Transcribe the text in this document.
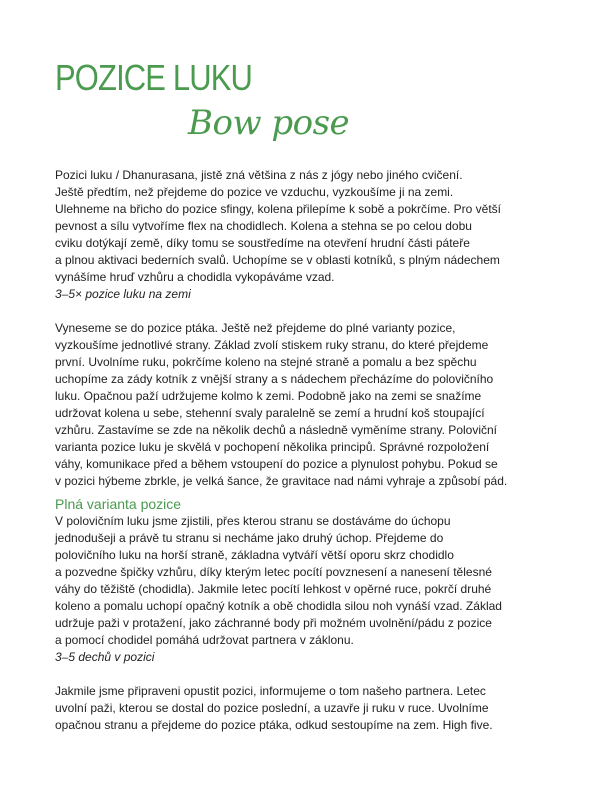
POZICE LUKU
Bow pose
Pozici luku / Dhanurasana, jistě zná většina z nás z jógy nebo jiného cvičení.
Ještě předtím, než přejdeme do pozice ve vzduchu, vyzkoušíme ji na zemi.
Ulehneme na břicho do pozice sfingy, kolena přilepíme k sobě a pokrčíme. Pro větší
pevnost a sílu vytvoříme flex na chodidlech. Kolena a stehna se po celou dobu
cviku dotýkají země, díky tomu se soustředíme na otevření hrudní části páteře
a plnou aktivaci bederních svalů. Uchopíme se v oblasti kotníků, s plným nádechem
vynášíme hruď vzhůru a chodidla vykopáváme vzad.
3–5× pozice luku na zemi
Vyneseme se do pozice ptáka. Ještě než přejdeme do plné varianty pozice,
vyzkoušíme jednotlivé strany. Základ zvolí stiskem ruky stranu, do které přejdeme
první. Uvolníme ruku, pokrčíme koleno na stejné straně a pomalu a bez spěchu
uchopíme za zády kotník z vnější strany a s nádechem přecházíme do polovičního
luku. Opačnou paží udržujeme kolmo k zemi. Podobně jako na zemi se snažíme
udržovat kolena u sebe, stehenní svaly paralelně se zemí a hrudní koš stoupající
vzhůru. Zastavíme se zde na několik dechů a následně vyměníme strany. Poloviční
varianta pozice luku je skvělá v pochopení několika principů. Správné rozpoložení
váhy, komunikace před a během vstoupení do pozice a plynulost pohybu. Pokud se
v pozici hýbeme zbrkle, je velká šance, že gravitace nad námi vyhraje a způsobí pád.
Plná varianta pozice
V polovičním luku jsme zjistili, přes kterou stranu se dostáváme do úchopu
jednodušeji a právě tu stranu si necháme jako druhý úchop. Přejdeme do
polovičního luku na horší straně, základna vytváří větší oporu skrz chodidlo
a pozvedne špičky vzhůru, díky kterým letec pocítí povznesení a nanesení tělesné
váhy do těžiště (chodidla). Jakmile letec pocítí lehkost v opěrné ruce, pokrčí druhé
koleno a pomalu uchopí opačný kotník a obě chodidla silou noh vynáší vzad. Základ
udržuje paži v protažení, jako záchranné body při možném uvolnění/pádu z pozice
a pomocí chodidel pomáhá udržovat partnera v záklonu.
3–5 dechů v pozici
Jakmile jsme připraveni opustit pozici, informujeme o tom našeho partnera. Letec
uvolní paži, kterou se dostal do pozice poslední, a uzavře ji ruku v ruce. Uvolníme
opačnou stranu a přejdeme do pozice ptáka, odkud sestoupíme na zem. High five.
